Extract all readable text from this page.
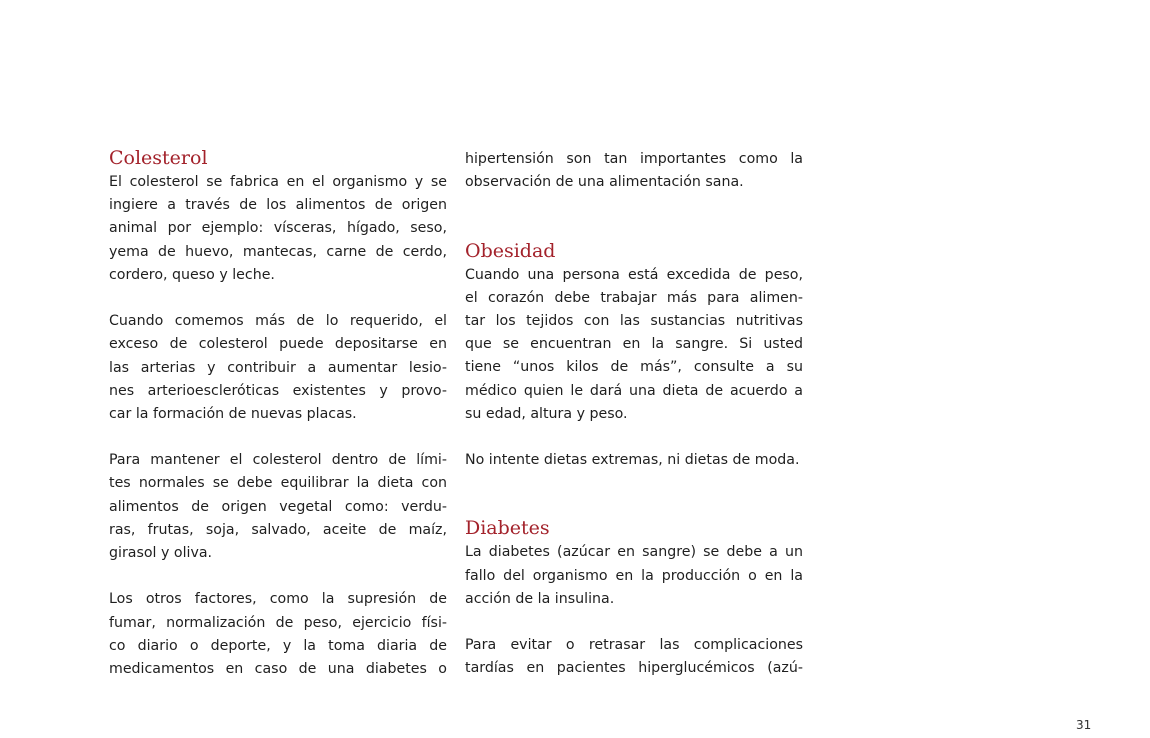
Colesterol
El colesterol se fabrica en el organismo y se
ingiere a través de los alimentos de origen
animal por ejemplo: vísceras, hígado, seso,
yema de huevo, mantecas, carne de cerdo,
cordero, queso y leche.
Cuando comemos más de lo requerido, el
exceso de colesterol puede depositarse en
las arterias y contribuir a aumentar lesio-
nes arterioescleróticas existentes y provo-
car la formación de nuevas placas.
Para mantener el colesterol dentro de lími-
tes normales se debe equilibrar la dieta con
alimentos de origen vegetal como: verdu-
ras, frutas, soja, salvado, aceite de maíz,
girasol y oliva.
Los otros factores, como la supresión de
fumar, normalización de peso, ejercicio físi-
co diario o deporte, y la toma diaria de
medicamentos en caso de una diabetes o
hipertensión son tan importantes como la
observación de una alimentación sana.
Obesidad
Cuando una persona está excedida de peso,
el corazón debe trabajar más para alimen-
tar los tejidos con las sustancias nutritivas
que se encuentran en la sangre. Si usted
tiene “unos kilos de más”, consulte a su
médico quien le dará una dieta de acuerdo a
su edad, altura y peso.
No intente dietas extremas, ni dietas de moda.
Diabetes
La diabetes (azúcar en sangre) se debe a un
fallo del organismo en la producción o en la
acción de la insulina.
Para evitar o retrasar las complicaciones
tardías en pacientes hiperglucémicos (azú-
31
